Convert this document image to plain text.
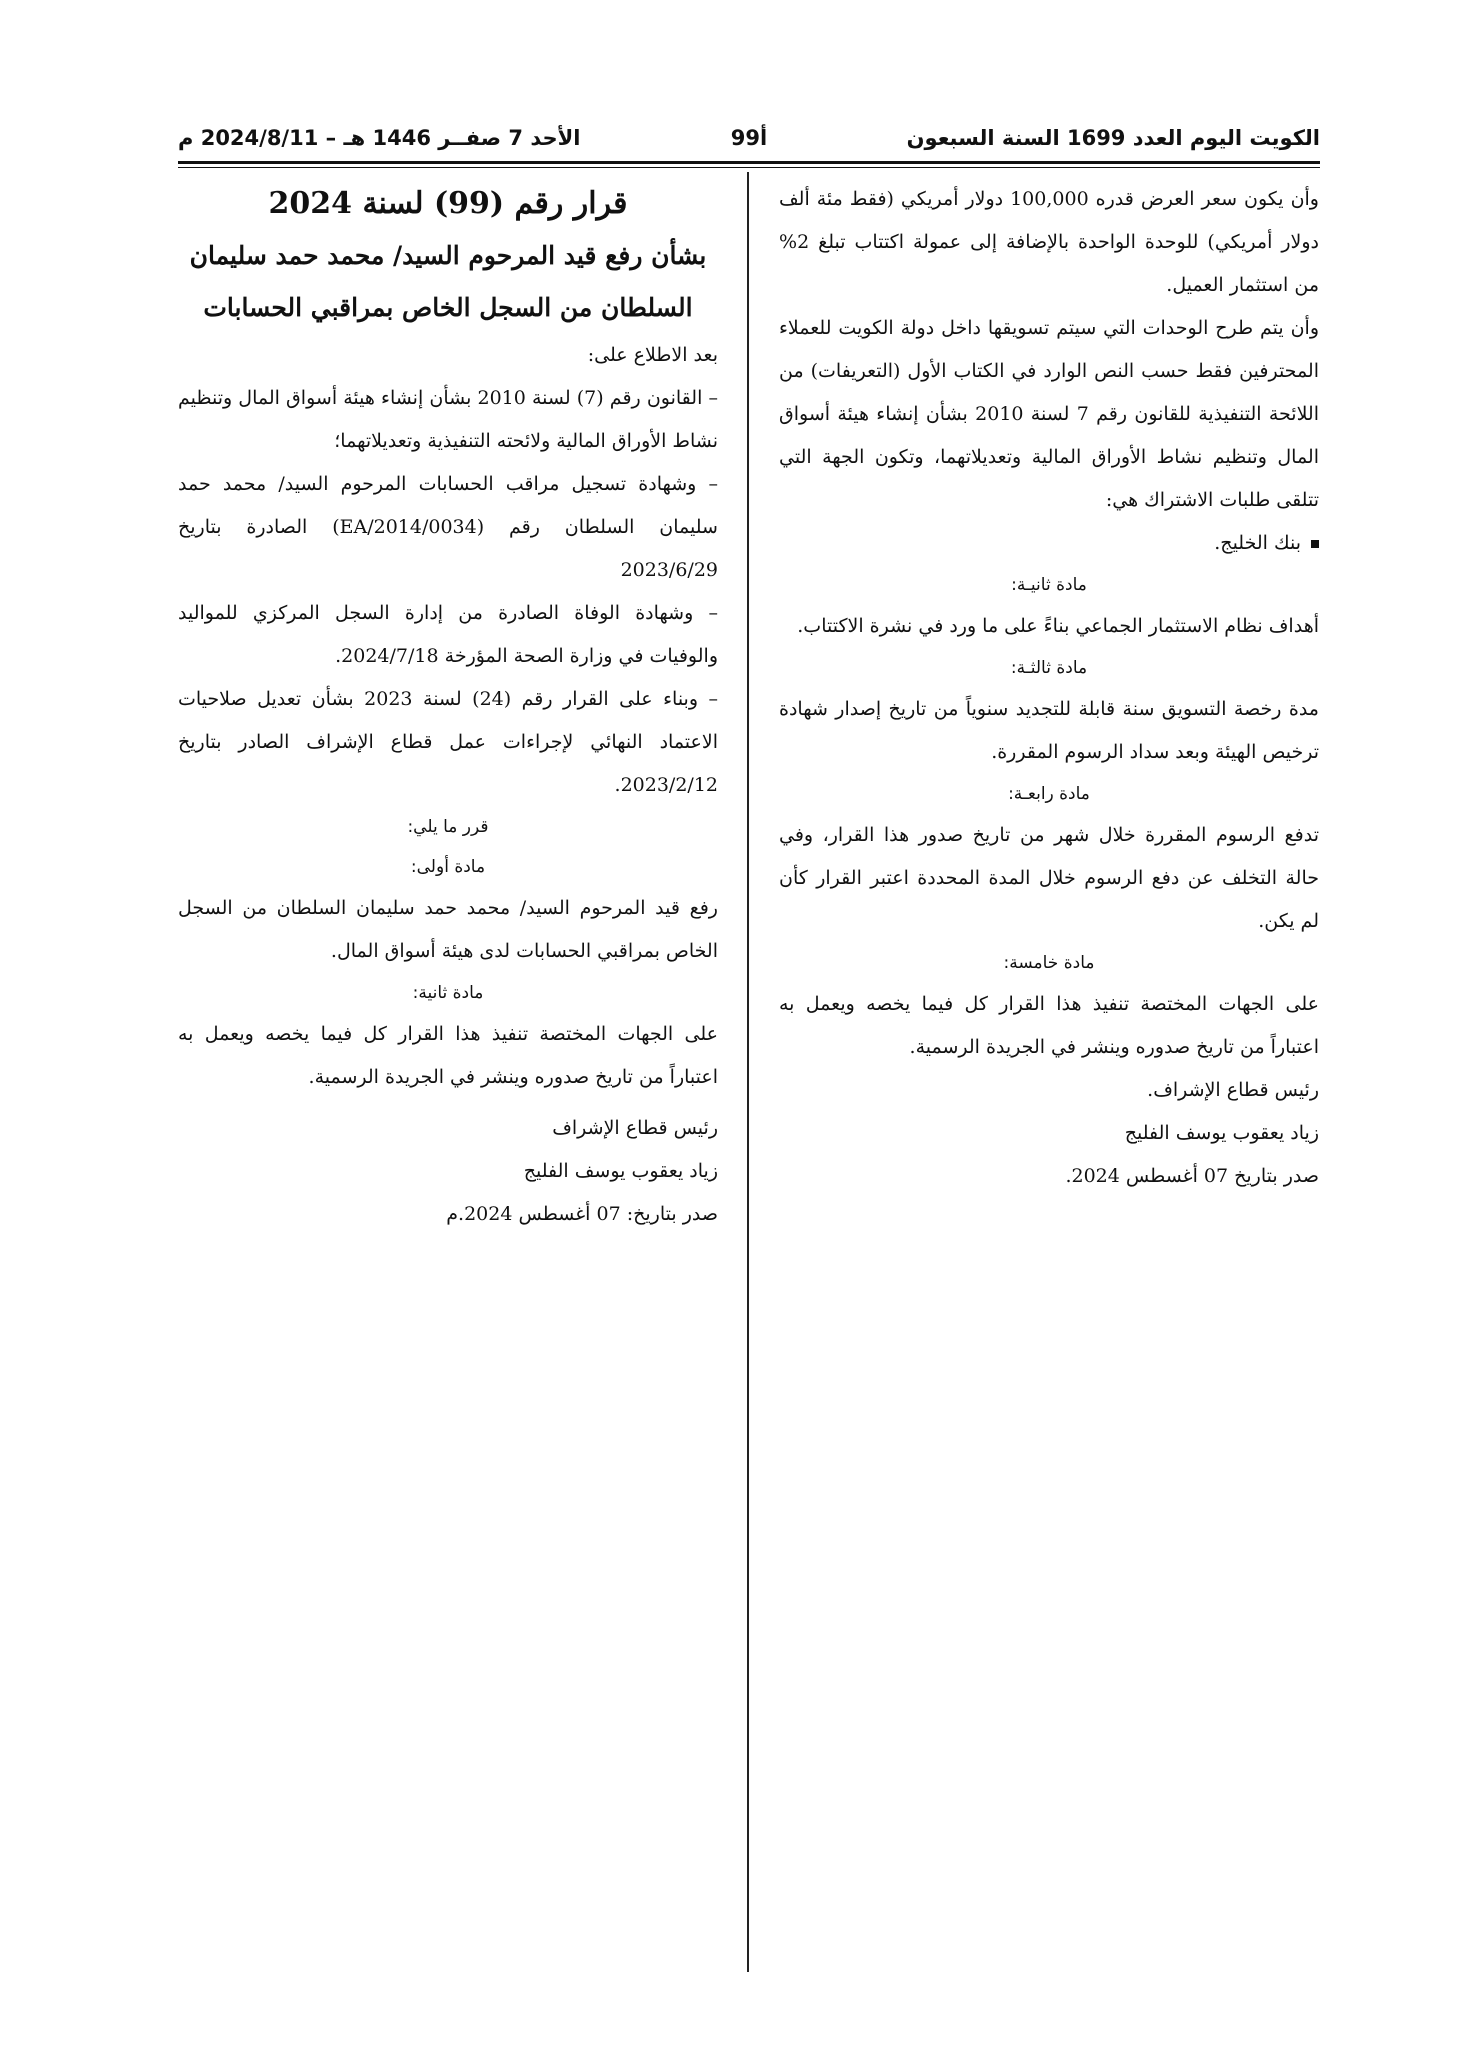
الكويت اليوم العدد 1699 السنة السبعون
أ99
الأحد 7 صفــر 1446 هـ – 2024/8/11 م

وأن يكون سعر العرض قدره 100,000 دولار أمريكي (فقط مئة ألف دولار أمريكي) للوحدة الواحدة بالإضافة إلى عمولة اكتتاب تبلغ 2% من استثمار العميل.

وأن يتم طرح الوحدات التي سيتم تسويقها داخل دولة الكويت للعملاء المحترفين فقط حسب النص الوارد في الكتاب الأول (التعريفات) من اللائحة التنفيذية للقانون رقم 7 لسنة 2010 بشأن إنشاء هيئة أسواق المال وتنظيم نشاط الأوراق المالية وتعديلاتهما، وتكون الجهة التي تتلقى طلبات الاشتراك هي:

بنك الخليج.
مادة ثانيـة:

أهداف نظام الاستثمار الجماعي بناءً على ما ورد في نشرة الاكتتاب.

مادة ثالثـة:

مدة رخصة التسويق سنة قابلة للتجديد سنوياً من تاريخ إصدار شهادة ترخيص الهيئة وبعد سداد الرسوم المقررة.

مادة رابعـة:

تدفع الرسوم المقررة خلال شهر من تاريخ صدور هذا القرار، وفي حالة التخلف عن دفع الرسوم خلال المدة المحددة اعتبر القرار كأن لم يكن.

مادة خامسة:

على الجهات المختصة تنفيذ هذا القرار كل فيما يخصه ويعمل به اعتباراً من تاريخ صدوره وينشر في الجريدة الرسمية.

رئيس قطاع الإشراف.

زياد يعقوب يوسف الفليج

صدر بتاريخ 07 أغسطس 2024.

قرار رقم (99) لسنة 2024
بشأن رفع قيد المرحوم السيد/ محمد حمد سليمان
السلطان من السجل الخاص بمراقبي الحسابات

بعد الاطلاع على:

– القانون رقم (7) لسنة 2010 بشأن إنشاء هيئة أسواق المال وتنظيم نشاط الأوراق المالية ولائحته التنفيذية وتعديلاتهما؛

– وشهادة تسجيل مراقب الحسابات المرحوم السيد/ محمد حمد سليمان السلطان رقم (EA/2014/0034) الصادرة بتاريخ 2023/6/29

– وشهادة الوفاة الصادرة من إدارة السجل المركزي للمواليد والوفيات في وزارة الصحة المؤرخة 2024/7/18.

– وبناء على القرار رقم (24) لسنة 2023 بشأن تعديل صلاحيات الاعتماد النهائي لإجراءات عمل قطاع الإشراف الصادر بتاريخ 2023/2/12.

قرر ما يلي:
مادة أولى:

رفع قيد المرحوم السيد/ محمد حمد سليمان السلطان من السجل الخاص بمراقبي الحسابات لدى هيئة أسواق المال.

مادة ثانية:

على الجهات المختصة تنفيذ هذا القرار كل فيما يخصه ويعمل به اعتباراً من تاريخ صدوره وينشر في الجريدة الرسمية.

رئيس قطاع الإشراف

زياد يعقوب يوسف الفليج

صدر بتاريخ: 07 أغسطس 2024.م
